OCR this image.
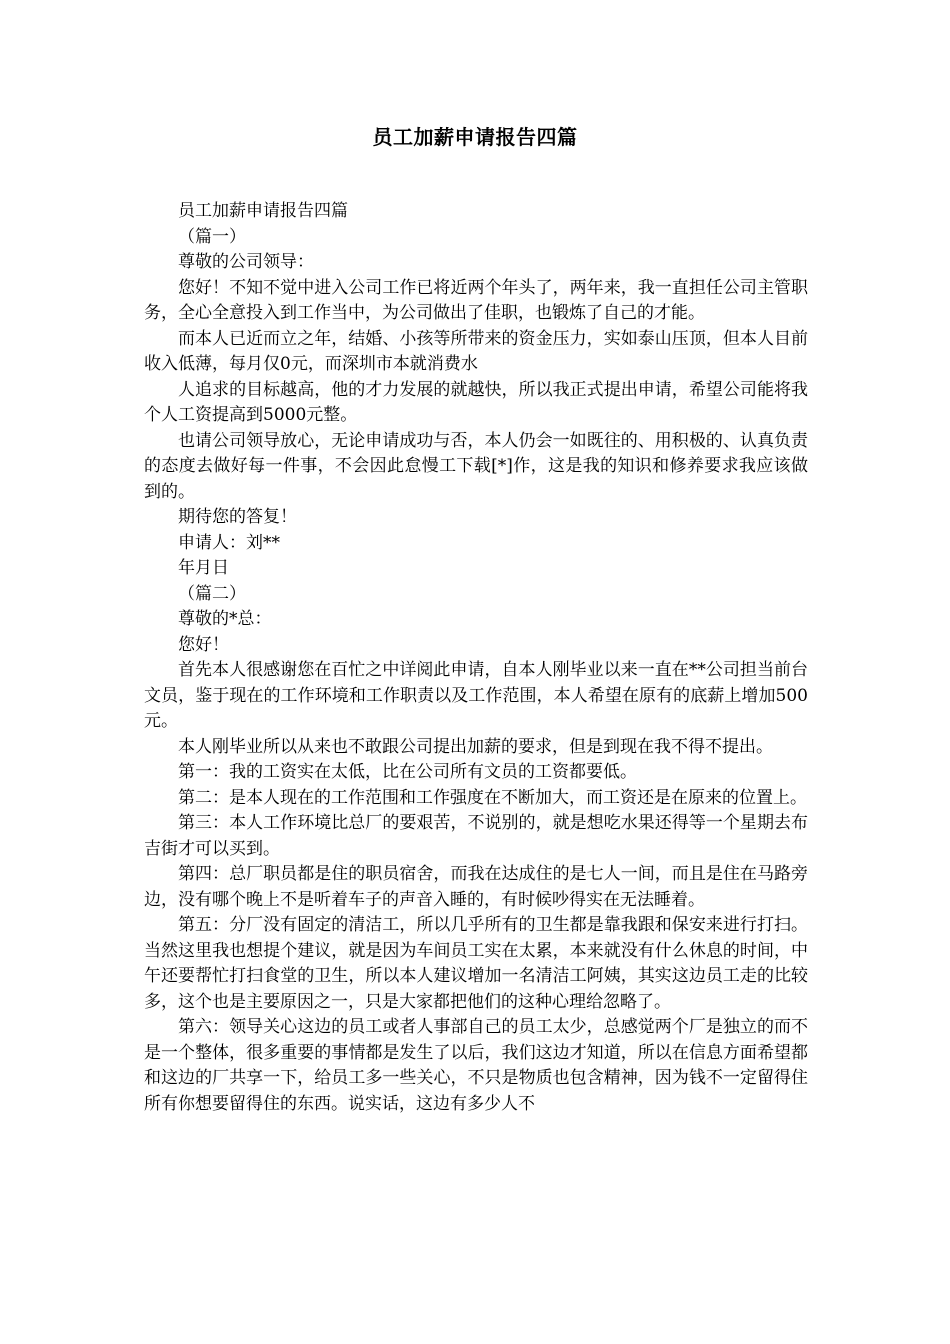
员工加薪申请报告四篇

员工加薪申请报告四篇

（篇一）

尊敬的公司领导：

您好！不知不觉中进入公司工作已将近两个年头了，两年来，我一直担任公司主管职务，全心全意投入到工作当中，为公司做出了佳职，也锻炼了自己的才能。

而本人已近而立之年，结婚、小孩等所带来的资金压力，实如泰山压顶，但本人目前收入低薄，每月仅0元，而深圳市本就消费水

人追求的目标越高，他的才力发展的就越快，所以我正式提出申请，希望公司能将我个人工资提高到5000元整。

也请公司领导放心，无论申请成功与否，本人仍会一如既往的、用积极的、认真负责的态度去做好每一件事，不会因此怠慢工下载[*]作，这是我的知识和修养要求我应该做到的。

期待您的答复！

申请人：刘**

年月日

（篇二）

尊敬的*总：

您好！

首先本人很感谢您在百忙之中详阅此申请，自本人刚毕业以来一直在**公司担当前台文员，鉴于现在的工作环境和工作职责以及工作范围，本人希望在原有的底薪上增加500元。

本人刚毕业所以从来也不敢跟公司提出加薪的要求，但是到现在我不得不提出。

第一：我的工资实在太低，比在公司所有文员的工资都要低。

第二：是本人现在的工作范围和工作强度在不断加大，而工资还是在原来的位置上。

第三：本人工作环境比总厂的要艰苦，不说别的，就是想吃水果还得等一个星期去布吉街才可以买到。

第四：总厂职员都是住的职员宿舍，而我在达成住的是七人一间，而且是住在马路旁边，没有哪个晚上不是听着车子的声音入睡的，有时候吵得实在无法睡着。

第五：分厂没有固定的清洁工，所以几乎所有的卫生都是靠我跟和保安来进行打扫。当然这里我也想提个建议，就是因为车间员工实在太累，本来就没有什么休息的时间，中午还要帮忙打扫食堂的卫生，所以本人建议增加一名清洁工阿姨，其实这边员工走的比较多，这个也是主要原因之一，只是大家都把他们的这种心理给忽略了。

第六：领导关心这边的员工或者人事部自己的员工太少，总感觉两个厂是独立的而不是一个整体，很多重要的事情都是发生了以后，我们这边才知道，所以在信息方面希望都和这边的厂共享一下，给员工多一些关心，不只是物质也包含精神，因为钱不一定留得住所有你想要留得住的东西。说实话，这边有多少人不
